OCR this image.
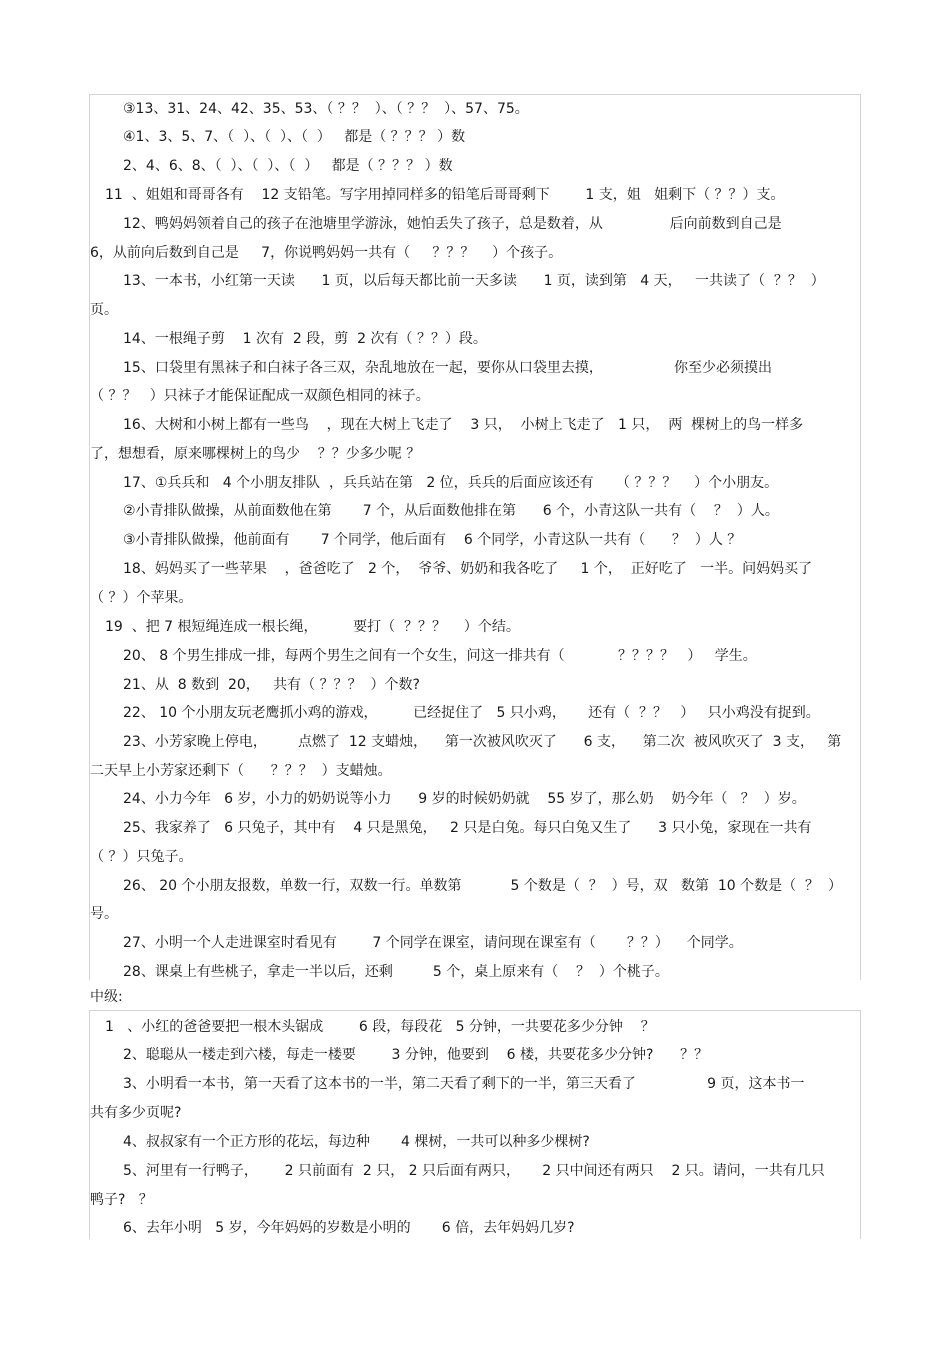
③13、31、24、42、35、53、（ ？？  ）、（ ？？  ）、57、75。
④1、3、5、7、（  ）、（  ）、（  ）   都是（ ？？？ ）数
2、4、6、8、（  ）、（  ）、（  ）   都是（ ？？？ ）数
11  、姐姐和哥哥各有    12 支铅笔。写字用掉同样多的铅笔后哥哥剩下        1 支，姐   姐剩下（ ？？）支。
12、鸭妈妈领着自己的孩子在池塘里学游泳，她怕丢失了孩子，总是数着，从               后向前数到自己是
6，从前向后数到自己是     7，你说鸭妈妈一共有（     ？？？    ）个孩子。
13、一本书，小红第一天读      1 页，以后每天都比前一天多读      1 页，读到第   4 天，   一共读了（  ？？  ）
页。
14、一根绳子剪    1 次有  2 段，剪  2 次有（ ？？）段。
15、口袋里有黑袜子和白袜子各三双，杂乱地放在一起，要你从口袋里去摸，                你至少必须摸出
（ ？？   ）只袜子才能保证配成一双颜色相同的袜子。
16、大树和小树上都有一些鸟    ，现在大树上飞走了    3 只，  小树上飞走了   1 只，  两  棵树上的鸟一样多
了，想想看，原来哪棵树上的鸟少    ？？少多少呢 ？
17、①兵兵和   4 个小朋友排队  ，兵兵站在第   2 位，兵兵的后面应该还有     （ ？？？    ）个小朋友。
②小青排队做操，从前面数他在第       7 个，从后面数他排在第      6 个，小青这队一共有（    ？  ）人。
③小青排队做操，他前面有       7 个同学，他后面有    6 个同学，小青这队一共有（      ？  ）人 ？
18、妈妈买了一些苹果    ，爸爸吃了   2 个，  爷爷、奶奶和我各吃了     1 个，  正好吃了   一半。问妈妈买了
（ ？）个苹果。
19  、把 7 根短绳连成一根长绳，        要打（  ？？？    ）个结。
20、 8 个男生排成一排，每两个男生之间有一个女生，问这一排共有（            ？？？？   ）   学生。
21、从  8 数到  20，   共有（ ？？？  ）个数?
22、 10 个小朋友玩老鹰抓小鸡的游戏，        已经捉住了   5 只小鸡，     还有（  ？？   ）   只小鸡没有捉到。
23、小芳家晚上停电，       点燃了  12 支蜡烛，    第一次被风吹灭了      6 支，    第二次  被风吹灭了  3 支，   第
二天早上小芳家还剩下（      ？？？  ）支蜡烛。
24、小力今年   6 岁，小力的奶奶说等小力      9 岁的时候奶奶就    55 岁了，那么奶    奶今年（   ？  ）岁。
25、我家养了   6 只兔子，其中有    4 只是黑兔，   2 只是白兔。每只白兔又生了      3 只小兔，家现在一共有
（ ？）只兔子。
26、 20 个小朋友报数，单数一行，双数一行。单数第           5 个数是（  ？  ）号，双   数第  10 个数是（  ？  ）
号。
27、小明一个人走进课室时看见有        7 个同学在课室，请问现在课室有（       ？？）    个同学。
28、课桌上有些桃子，拿走一半以后，还剩         5 个，桌上原来有（    ？  ）个桃子。
中级:
1   、小红的爸爸要把一根木头锯成        6 段，每段花   5 分钟，一共要花多少分钟    ？
2、聪聪从一楼走到六楼，每走一楼要        3 分钟，他要到    6 楼，共要花多少分钟?      ？？
3、小明看一本书，第一天看了这本书的一半，第二天看了剩下的一半，第三天看了                9 页，这本书一
共有多少页呢?
4、叔叔家有一个正方形的花坛，每边种       4 棵树，一共可以种多少棵树?
5、河里有一行鸭子，      2 只前面有  2 只， 2 只后面有两只，     2 只中间还有两只    2 只。请问，一共有几只
鸭子?   ？
6、去年小明   5 岁，今年妈妈的岁数是小明的       6 倍，去年妈妈几岁?
